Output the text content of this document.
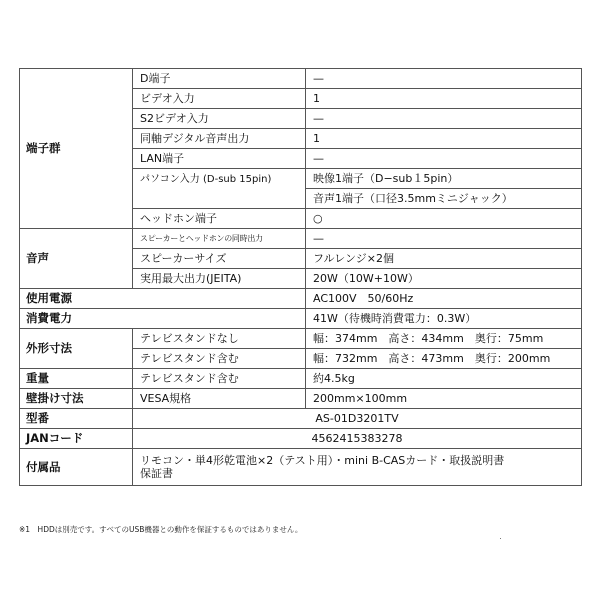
端子群	D端子	—
	ビデオ入力	1
	S2ビデオ入力	—
	同軸デジタル音声出力	1
	LAN端子	—
	パソコン入力 (D-sub 15pin)	映像1端子（D−sub１5pin）
		音声1端子（口径3.5mmミニジャック）
	ヘッドホン端子	○
音声	スピーカーとヘッドホンの同時出力	—
	スピーカーサイズ	フルレンジ×2個
	実用最大出力(JEITA)	20W（10W+10W）
使用電源		AC100V　50/60Hz
消費電力		41W（待機時消費電力：0.3W）
外形寸法	テレビスタンドなし	幅：374mm　高さ：434mm　奥行：75mm
	テレビスタンド含む	幅：732mm　高さ：473mm　奥行：200mm
重量	テレビスタンド含む	約4.5kg
壁掛け寸法	VESA規格	200mm×100mm
型番	AS-01D3201TV	
JANコード	4562415383278	
付属品	リモコン・単4形乾電池×2（テスト用）・mini B-CASカード・取扱説明書
保証書	
※1　HDDは別売です。すべてのUSB機器との動作を保証するものではありません。
